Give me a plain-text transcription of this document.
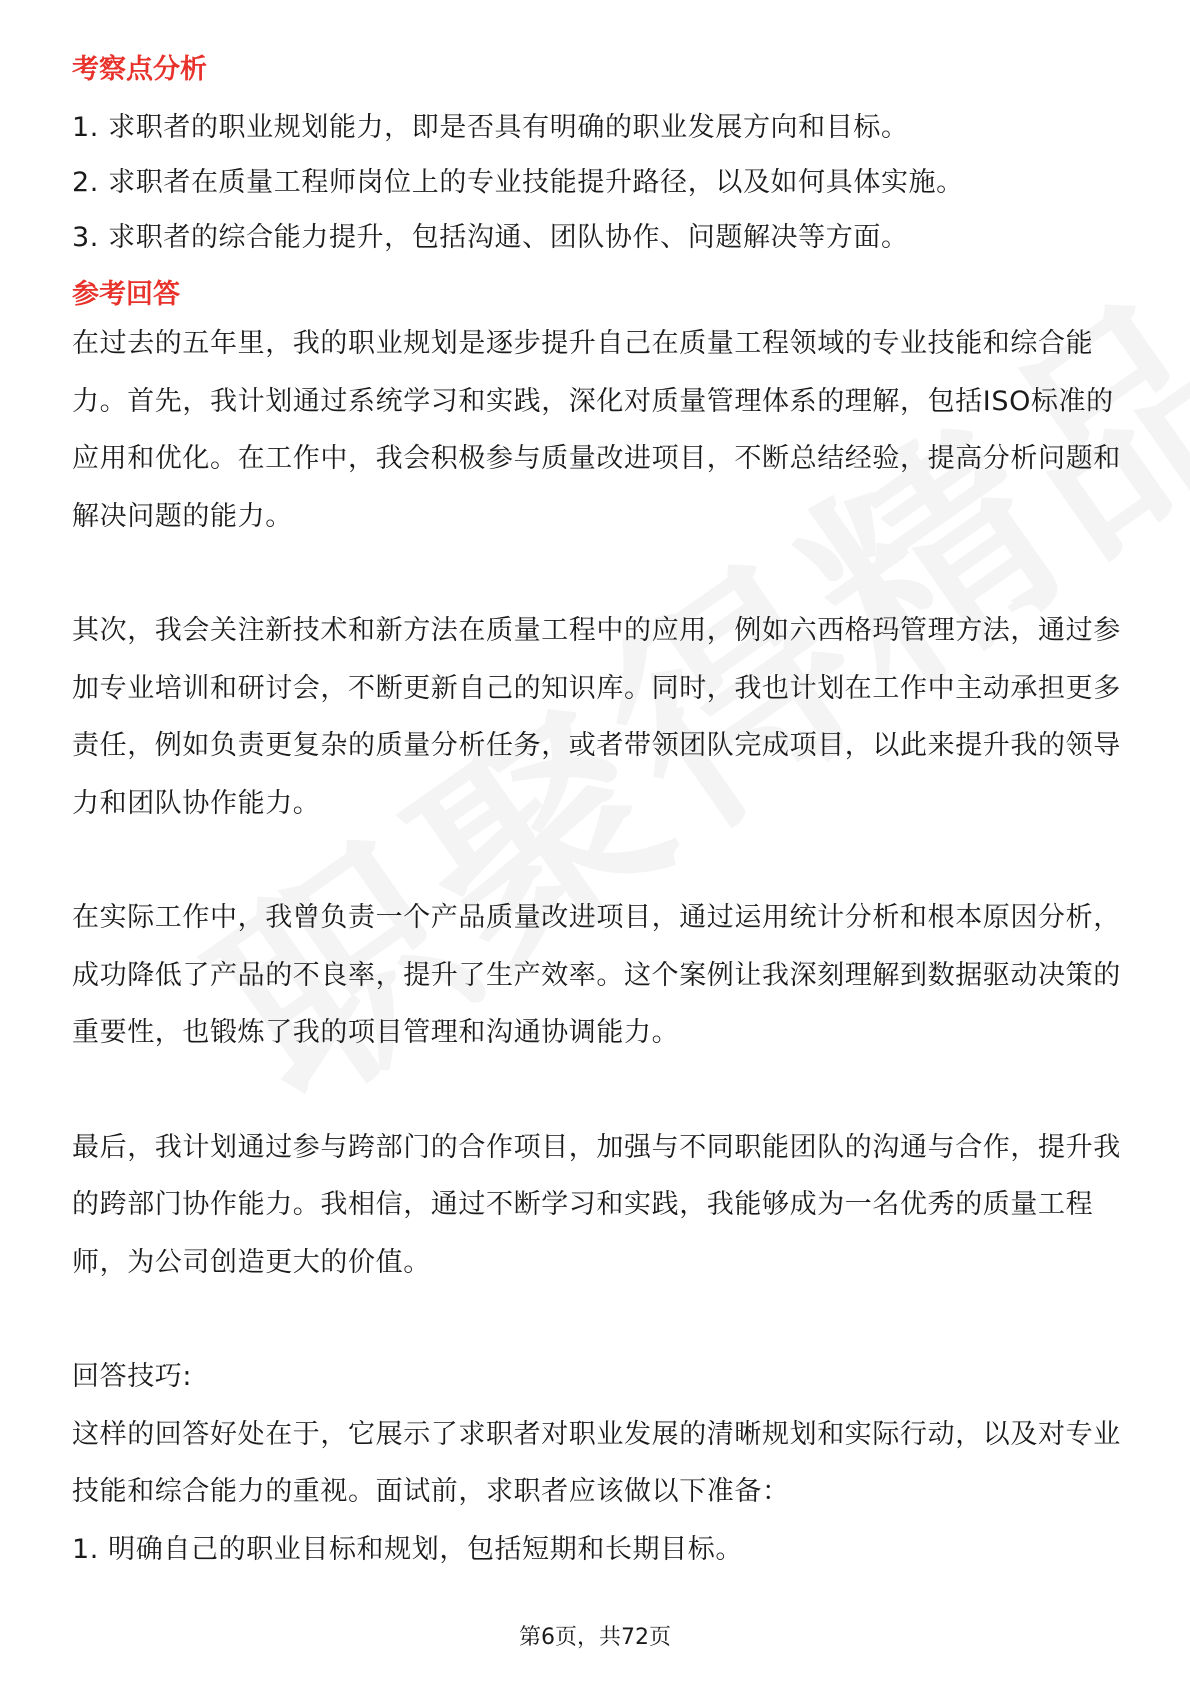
考察点分析

1. 求职者的职业规划能力，即是否具有明确的职业发展方向和目标。

2. 求职者在质量工程师岗位上的专业技能提升路径，以及如何具体实施。

3. 求职者的综合能力提升，包括沟通、团队协作、问题解决等方面。

参考回答

在过去的五年里，我的职业规划是逐步提升自己在质量工程领域的专业技能和综合能力。首先，我计划通过系统学习和实践，深化对质量管理体系的理解，包括ISO标准的应用和优化。在工作中，我会积极参与质量改进项目，不断总结经验，提高分析问题和解决问题的能力。

其次，我会关注新技术和新方法在质量工程中的应用，例如六西格玛管理方法，通过参加专业培训和研讨会，不断更新自己的知识库。同时，我也计划在工作中主动承担更多责任，例如负责更复杂的质量分析任务，或者带领团队完成项目，以此来提升我的领导力和团队协作能力。

在实际工作中，我曾负责一个产品质量改进项目，通过运用统计分析和根本原因分析，成功降低了产品的不良率，提升了生产效率。这个案例让我深刻理解到数据驱动决策的重要性，也锻炼了我的项目管理和沟通协调能力。

最后，我计划通过参与跨部门的合作项目，加强与不同职能团队的沟通与合作，提升我的跨部门协作能力。我相信，通过不断学习和实践，我能够成为一名优秀的质量工程师，为公司创造更大的价值。

回答技巧:

这样的回答好处在于，它展示了求职者对职业发展的清晰规划和实际行动，以及对专业技能和综合能力的重视。面试前，求职者应该做以下准备：

1. 明确自己的职业目标和规划，包括短期和长期目标。

第6页，共72页
